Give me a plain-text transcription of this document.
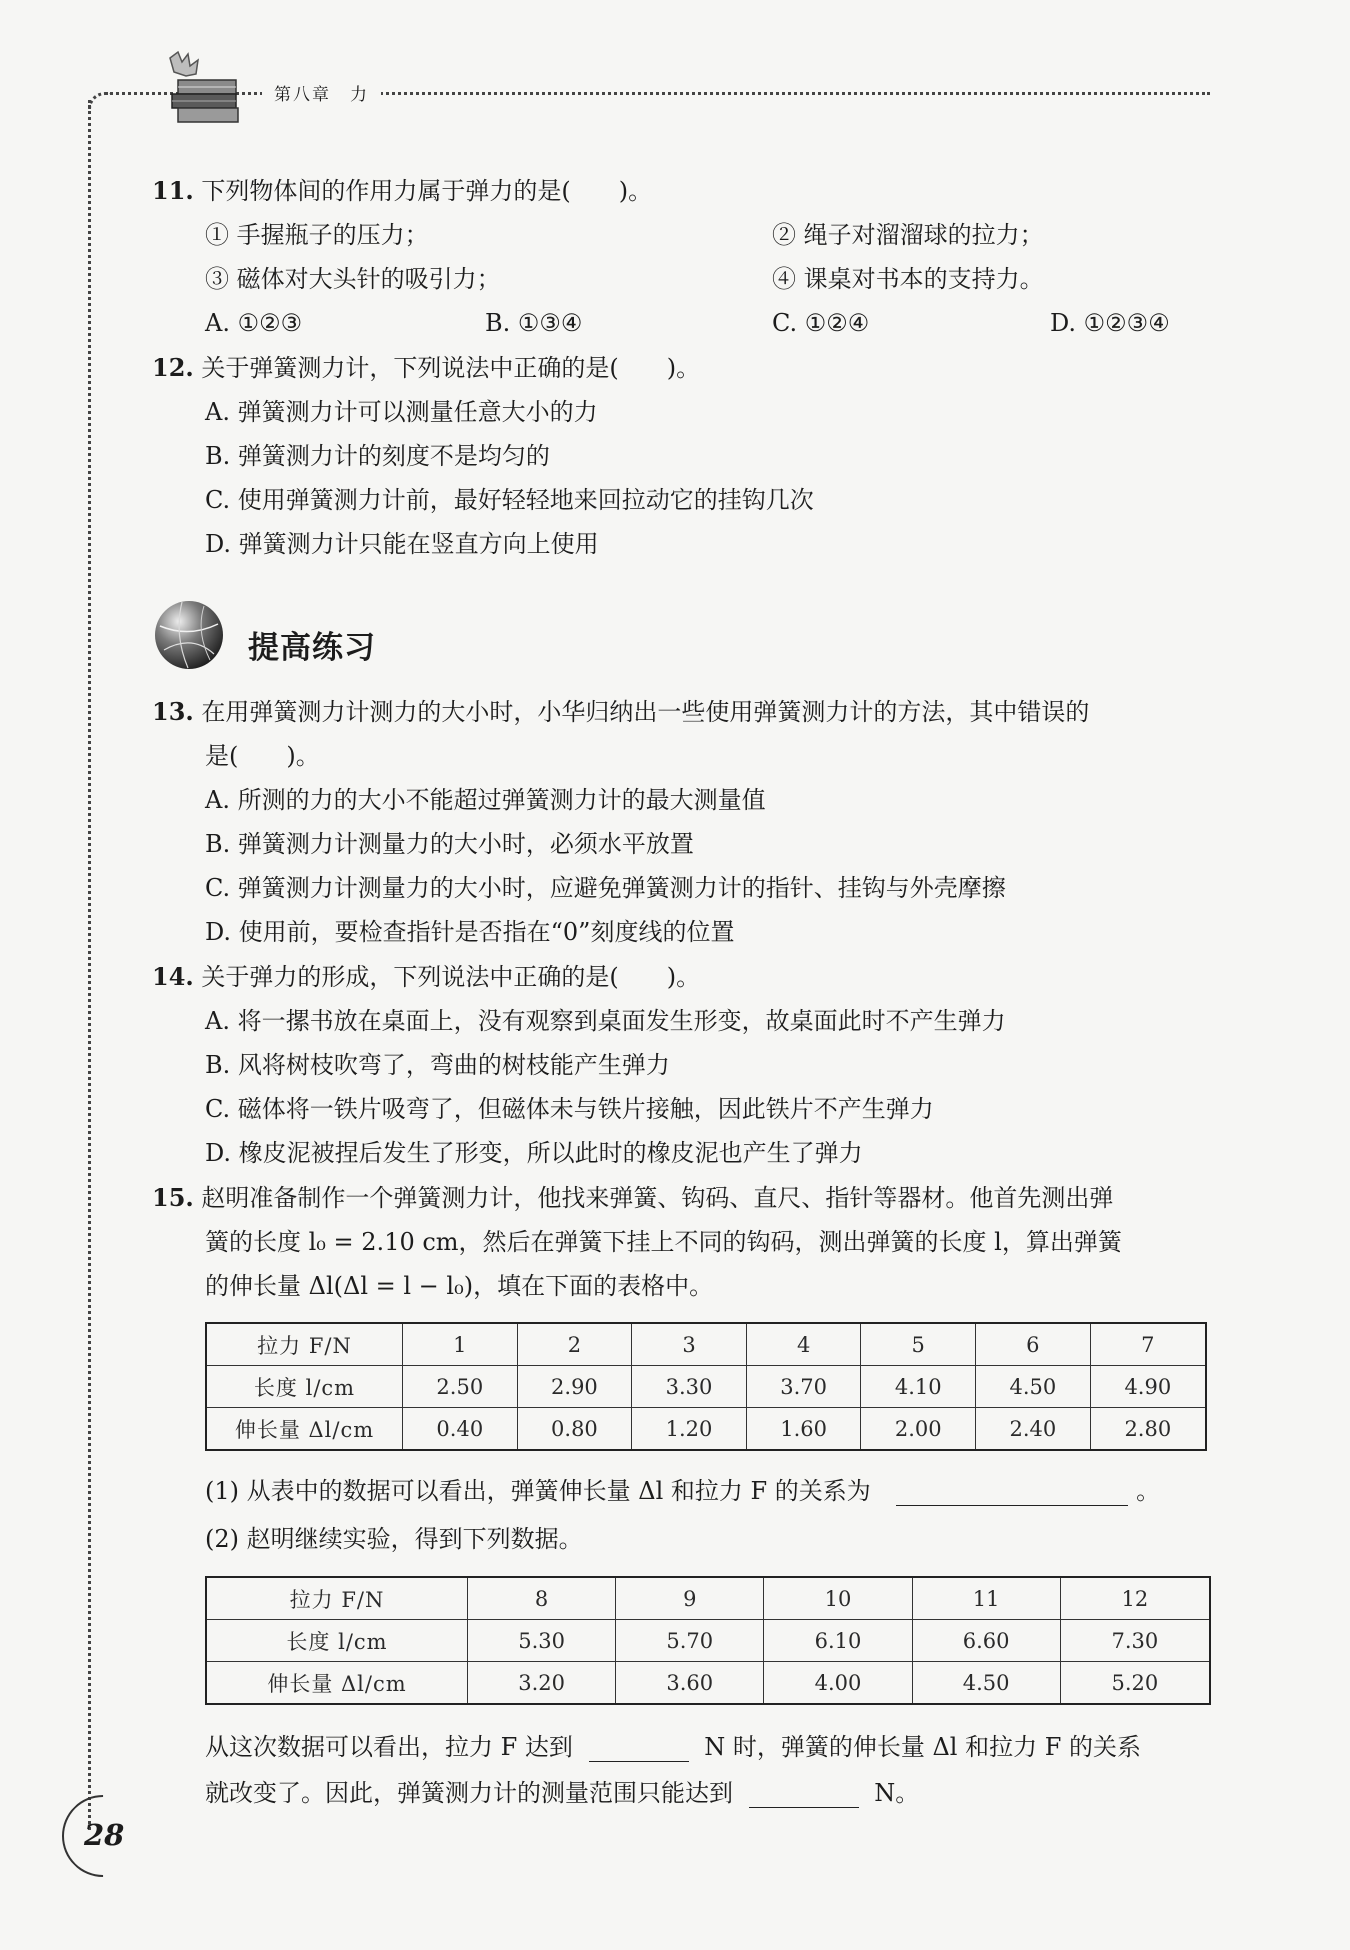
第八章　力
11. 下列物体间的作用力属于弹力的是(　　)。
① 手握瓶子的压力；	② 绳子对溜溜球的拉力；
③ 磁体对大头针的吸引力；	④ 课桌对书本的支持力。
A. ①②③	B. ①③④	C. ①②④	D. ①②③④
12. 关于弹簧测力计，下列说法中正确的是(　　)。
A. 弹簧测力计可以测量任意大小的力
B. 弹簧测力计的刻度不是均匀的
C. 使用弹簧测力计前，最好轻轻地来回拉动它的挂钩几次
D. 弹簧测力计只能在竖直方向上使用
提高练习
13. 在用弹簧测力计测力的大小时，小华归纳出一些使用弹簧测力计的方法，其中错误的
是(　　)。
A. 所测的力的大小不能超过弹簧测力计的最大测量值
B. 弹簧测力计测量力的大小时，必须水平放置
C. 弹簧测力计测量力的大小时，应避免弹簧测力计的指针、挂钩与外壳摩擦
D. 使用前，要检查指针是否指在“0”刻度线的位置
14. 关于弹力的形成，下列说法中正确的是(　　)。
A. 将一摞书放在桌面上，没有观察到桌面发生形变，故桌面此时不产生弹力
B. 风将树枝吹弯了，弯曲的树枝能产生弹力
C. 磁体将一铁片吸弯了，但磁体未与铁片接触，因此铁片不产生弹力
D. 橡皮泥被捏后发生了形变，所以此时的橡皮泥也产生了弹力
15. 赵明准备制作一个弹簧测力计，他找来弹簧、钩码、直尺、指针等器材。他首先测出弹
簧的长度 l₀ = 2.10 cm，然后在弹簧下挂上不同的钩码，测出弹簧的长度 l，算出弹簧
的伸长量 Δl(Δl = l − l₀)，填在下面的表格中。
拉力 F/N	1	2	3	4	5	6	7
长度 l/cm	2.50	2.90	3.30	3.70	4.10	4.50	4.90
伸长量 Δl/cm	0.40	0.80	1.20	1.60	2.00	2.40	2.80
(1) 从表中的数据可以看出，弹簧伸长量 Δl 和拉力 F 的关系为	。
(2) 赵明继续实验，得到下列数据。
拉力 F/N	8	9	10	11	12
长度 l/cm	5.30	5.70	6.10	6.60	7.30
伸长量 Δl/cm	3.20	3.60	4.00	4.50	5.20
从这次数据可以看出，拉力 F 达到	N 时，弹簧的伸长量 Δl 和拉力 F 的关系
就改变了。因此，弹簧测力计的测量范围只能达到	N。
28
